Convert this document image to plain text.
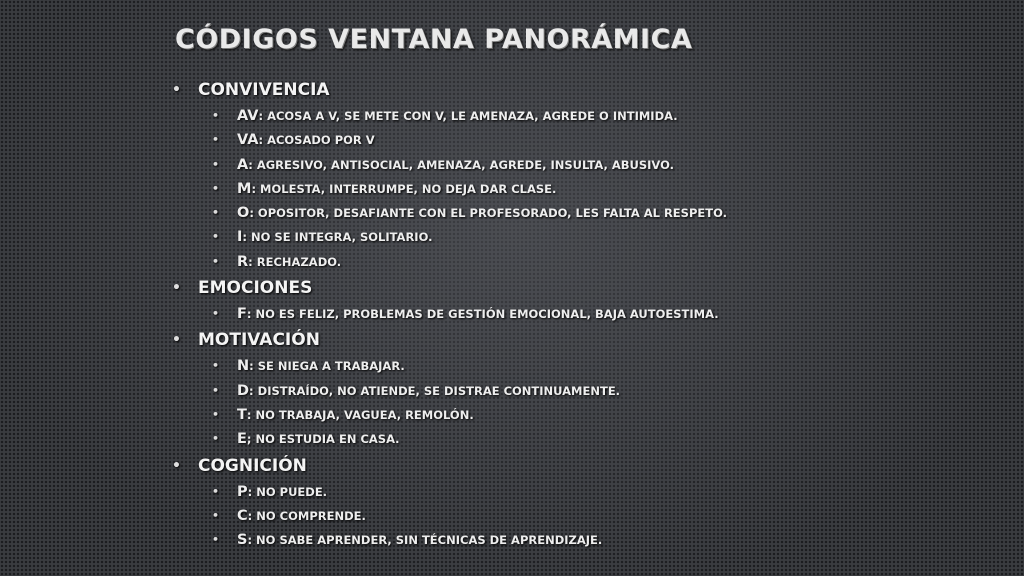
CÓDIGOS VENTANA PANORÁMICA
• CONVIVENCIA
• AV: ACOSA A V, SE METE CON V, LE AMENAZA, AGREDE O INTIMIDA.
• VA: ACOSADO POR V
• A: AGRESIVO, ANTISOCIAL, AMENAZA, AGREDE, INSULTA, ABUSIVO.
• M: MOLESTA, INTERRUMPE, NO DEJA DAR CLASE.
• O: OPOSITOR, DESAFIANTE CON EL PROFESORADO, LES FALTA AL RESPETO.
• I: NO SE INTEGRA, SOLITARIO.
• R: RECHAZADO.
• EMOCIONES
• F: NO ES FELIZ, PROBLEMAS DE GESTIÓN EMOCIONAL, BAJA AUTOESTIMA.
• MOTIVACIÓN
• N: SE NIEGA A TRABAJAR.
• D: DISTRAÍDO, NO ATIENDE, SE DISTRAE CONTINUAMENTE.
• T: NO TRABAJA, VAGUEA, REMOLÓN.
• E; NO ESTUDIA EN CASA.
• COGNICIÓN
• P: NO PUEDE.
• C: NO COMPRENDE.
• S: NO SABE APRENDER, SIN TÉCNICAS DE APRENDIZAJE.
